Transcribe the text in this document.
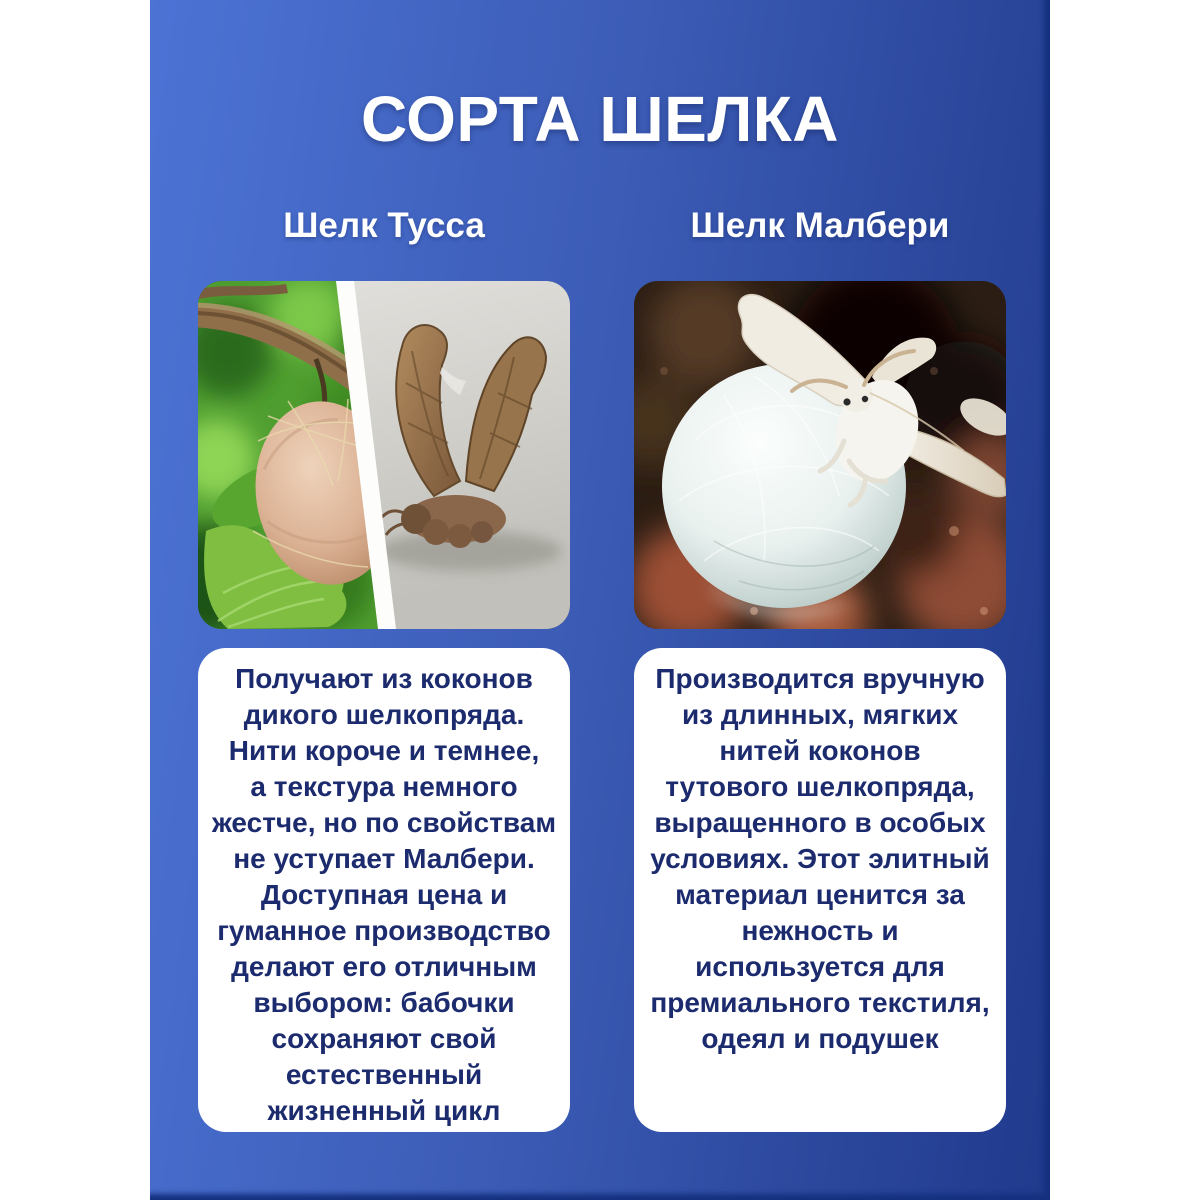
СОРТА ШЕЛКА
Шелк Тусса
Получают из коконов
дикого шелкопряда.
Нити короче и темнее,
а текстура немного
жестче, но по свойствам
не уступает Малбери.
Доступная цена и
гуманное производство
делают его отличным
выбором: бабочки
сохраняют свой
естественный
жизненный цикл
Шелк Малбери
Производится вручную
из длинных, мягких
нитей коконов
тутового шелкопряда,
выращенного в особых
условиях. Этот элитный
материал ценится за
нежность и
используется для
премиального текстиля,
одеял и подушек
